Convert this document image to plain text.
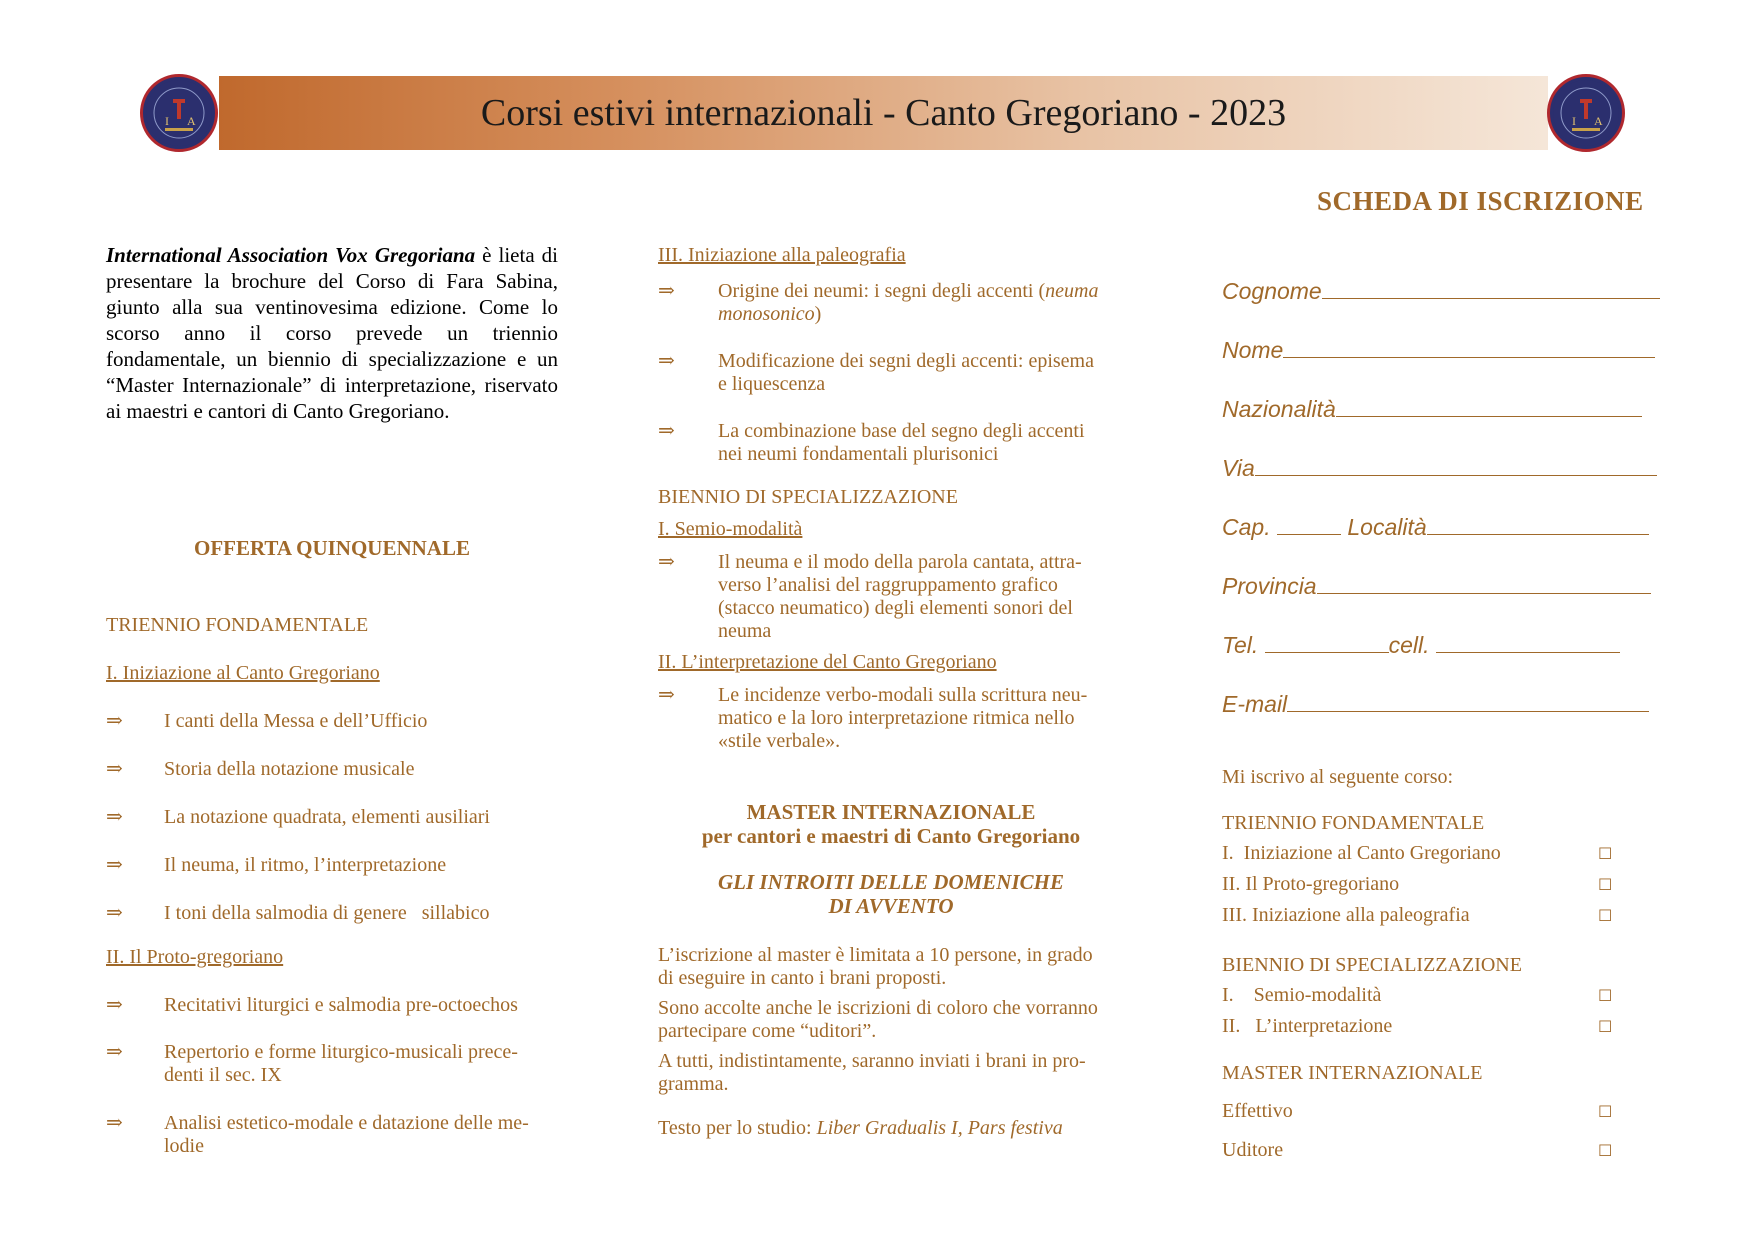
Corsi estivi internazionali - Canto Gregoriano - 2023
I A	I A
International Association Vox Gregoriana è lieta di presentare la brochure del Corso di Fara Sabina, giunto alla sua ventinovesima edizione. Come lo scorso anno il corso prevede un triennio fondamentale, un biennio di specializzazione e un “Master Internazionale” di interpretazione, riservato ai maestri e cantori di Canto Gregoriano.
OFFERTA QUINQUENNALE
TRIENNIO FONDAMENTALE
I. Iniziazione al Canto Gregoriano
⇒ I canti della Messa e dell’Ufficio
⇒ Storia della notazione musicale
⇒ La notazione quadrata, elementi ausiliari
⇒ Il neuma, il ritmo, l’interpretazione
⇒ I toni della salmodia di genere   sillabico
II. Il Proto-gregoriano
⇒ Recitativi liturgici e salmodia pre-octoechos
⇒ Repertorio e forme liturgico-musicali prece-
denti il sec. IX
⇒ Analisi estetico-modale e datazione delle me-
lodie
III. Iniziazione alla paleografia
⇒ Origine dei neumi: i segni degli accenti (neuma
monosonico)
⇒ Modificazione dei segni degli accenti: episema
e liquescenza
⇒ La combinazione base del segno degli accenti
nei neumi fondamentali plurisonici
BIENNIO DI SPECIALIZZAZIONE
I. Semio-modalità
⇒ Il neuma e il modo della parola cantata, attra-
verso l’analisi del raggruppamento grafico
(stacco neumatico) degli elementi sonori del
neuma
II. L’interpretazione del Canto Gregoriano
⇒ Le incidenze verbo-modali sulla scrittura neu-
matico e la loro interpretazione ritmica nello
«stile verbale».
MASTER INTERNAZIONALE
per cantori e maestri di Canto Gregoriano
GLI INTROITI DELLE DOMENICHE
DI AVVENTO
L’iscrizione al master è limitata a 10 persone, in grado
di eseguire in canto i brani proposti.
Sono accolte anche le iscrizioni di coloro che vorranno
partecipare come “uditori”.
A tutti, indistintamente, saranno inviati i brani in pro-
gramma.
Testo per lo studio: Liber Gradualis I, Pars festiva
SCHEDA DI ISCRIZIONE
Cognome
Nome
Nazionalità
Via
Cap.	Località
Provincia
Tel.	cell.
E-mail
Mi iscrivo al seguente corso:
TRIENNIO FONDAMENTALE
I.  Iniziazione al Canto Gregoriano	☐
II. Il Proto-gregoriano	☐
III. Iniziazione alla paleografia	☐
BIENNIO DI SPECIALIZZAZIONE
I.    Semio-modalità	☐
II.   L’interpretazione	☐
MASTER INTERNAZIONALE
Effettivo	☐
Uditore	☐
